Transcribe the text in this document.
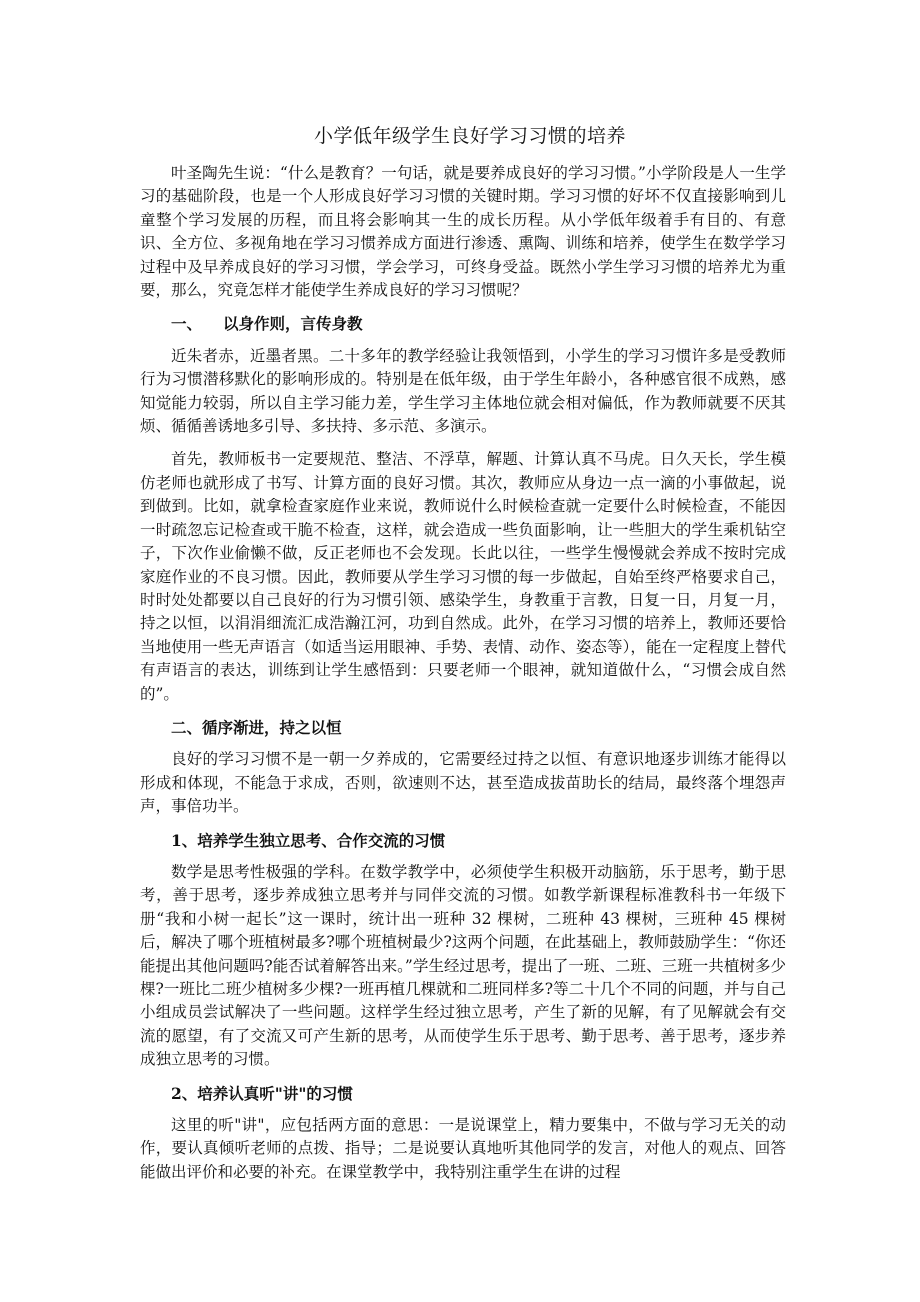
小学低年级学生良好学习习惯的培养

叶圣陶先生说：“什么是教育？一句话，就是要养成良好的学习习惯。”小学阶段是人一生学习的基础阶段，也是一个人形成良好学习习惯的关键时期。学习习惯的好坏不仅直接影响到儿童整个学习发展的历程，而且将会影响其一生的成长历程。从小学低年级着手有目的、有意识、全方位、多视角地在学习习惯养成方面进行渗透、熏陶、训练和培养，使学生在数学学习过程中及早养成良好的学习习惯，学会学习，可终身受益。既然小学生学习习惯的培养尤为重要，那么，究竟怎样才能使学生养成良好的学习习惯呢？

一、 以身作则，言传身教

近朱者赤，近墨者黑。二十多年的教学经验让我领悟到，小学生的学习习惯许多是受教师行为习惯潜移默化的影响形成的。特别是在低年级，由于学生年龄小，各种感官很不成熟，感知觉能力较弱，所以自主学习能力差，学生学习主体地位就会相对偏低，作为教师就要不厌其烦、循循善诱地多引导、多扶持、多示范、多演示。

首先，教师板书一定要规范、整洁、不浮草，解题、计算认真不马虎。日久天长，学生模仿老师也就形成了书写、计算方面的良好习惯。其次，教师应从身边一点一滴的小事做起，说到做到。比如，就拿检查家庭作业来说，教师说什么时候检查就一定要什么时候检查，不能因一时疏忽忘记检查或干脆不检查，这样，就会造成一些负面影响，让一些胆大的学生乘机钻空子，下次作业偷懒不做，反正老师也不会发现。长此以往，一些学生慢慢就会养成不按时完成家庭作业的不良习惯。因此，教师要从学生学习习惯的每一步做起，自始至终严格要求自己，时时处处都要以自己良好的行为习惯引领、感染学生，身教重于言教，日复一日，月复一月，持之以恒，以涓涓细流汇成浩瀚江河，功到自然成。此外，在学习习惯的培养上，教师还要恰当地使用一些无声语言（如适当运用眼神、手势、表情、动作、姿态等），能在一定程度上替代有声语言的表达，训练到让学生感悟到：只要老师一个眼神，就知道做什么，“习惯会成自然的”。

二、循序渐进，持之以恒

良好的学习习惯不是一朝一夕养成的，它需要经过持之以恒、有意识地逐步训练才能得以形成和体现，不能急于求成，否则，欲速则不达，甚至造成拔苗助长的结局，最终落个埋怨声声，事倍功半。

1、培养学生独立思考、合作交流的习惯

数学是思考性极强的学科。在数学教学中，必须使学生积极开动脑筋，乐于思考，勤于思考，善于思考，逐步养成独立思考并与同伴交流的习惯。如教学新课程标准教科书一年级下册“我和小树一起长”这一课时，统计出一班种 32 棵树，二班种 43 棵树，三班种 45 棵树后，解决了哪个班植树最多?哪个班植树最少?这两个问题，在此基础上，教师鼓励学生：“你还能提出其他问题吗?能否试着解答出来。”学生经过思考，提出了一班、二班、三班一共植树多少棵?一班比二班少植树多少棵?一班再植几棵就和二班同样多?等二十几个不同的问题，并与自己小组成员尝试解决了一些问题。这样学生经过独立思考，产生了新的见解，有了见解就会有交流的愿望，有了交流又可产生新的思考，从而使学生乐于思考、勤于思考、善于思考，逐步养成独立思考的习惯。

2、培养认真听"讲"的习惯

这里的听"讲"，应包括两方面的意思：一是说课堂上，精力要集中，不做与学习无关的动作，要认真倾听老师的点拨、指导；二是说要认真地听其他同学的发言，对他人的观点、回答能做出评价和必要的补充。在课堂教学中，我特别注重学生在讲的过程
